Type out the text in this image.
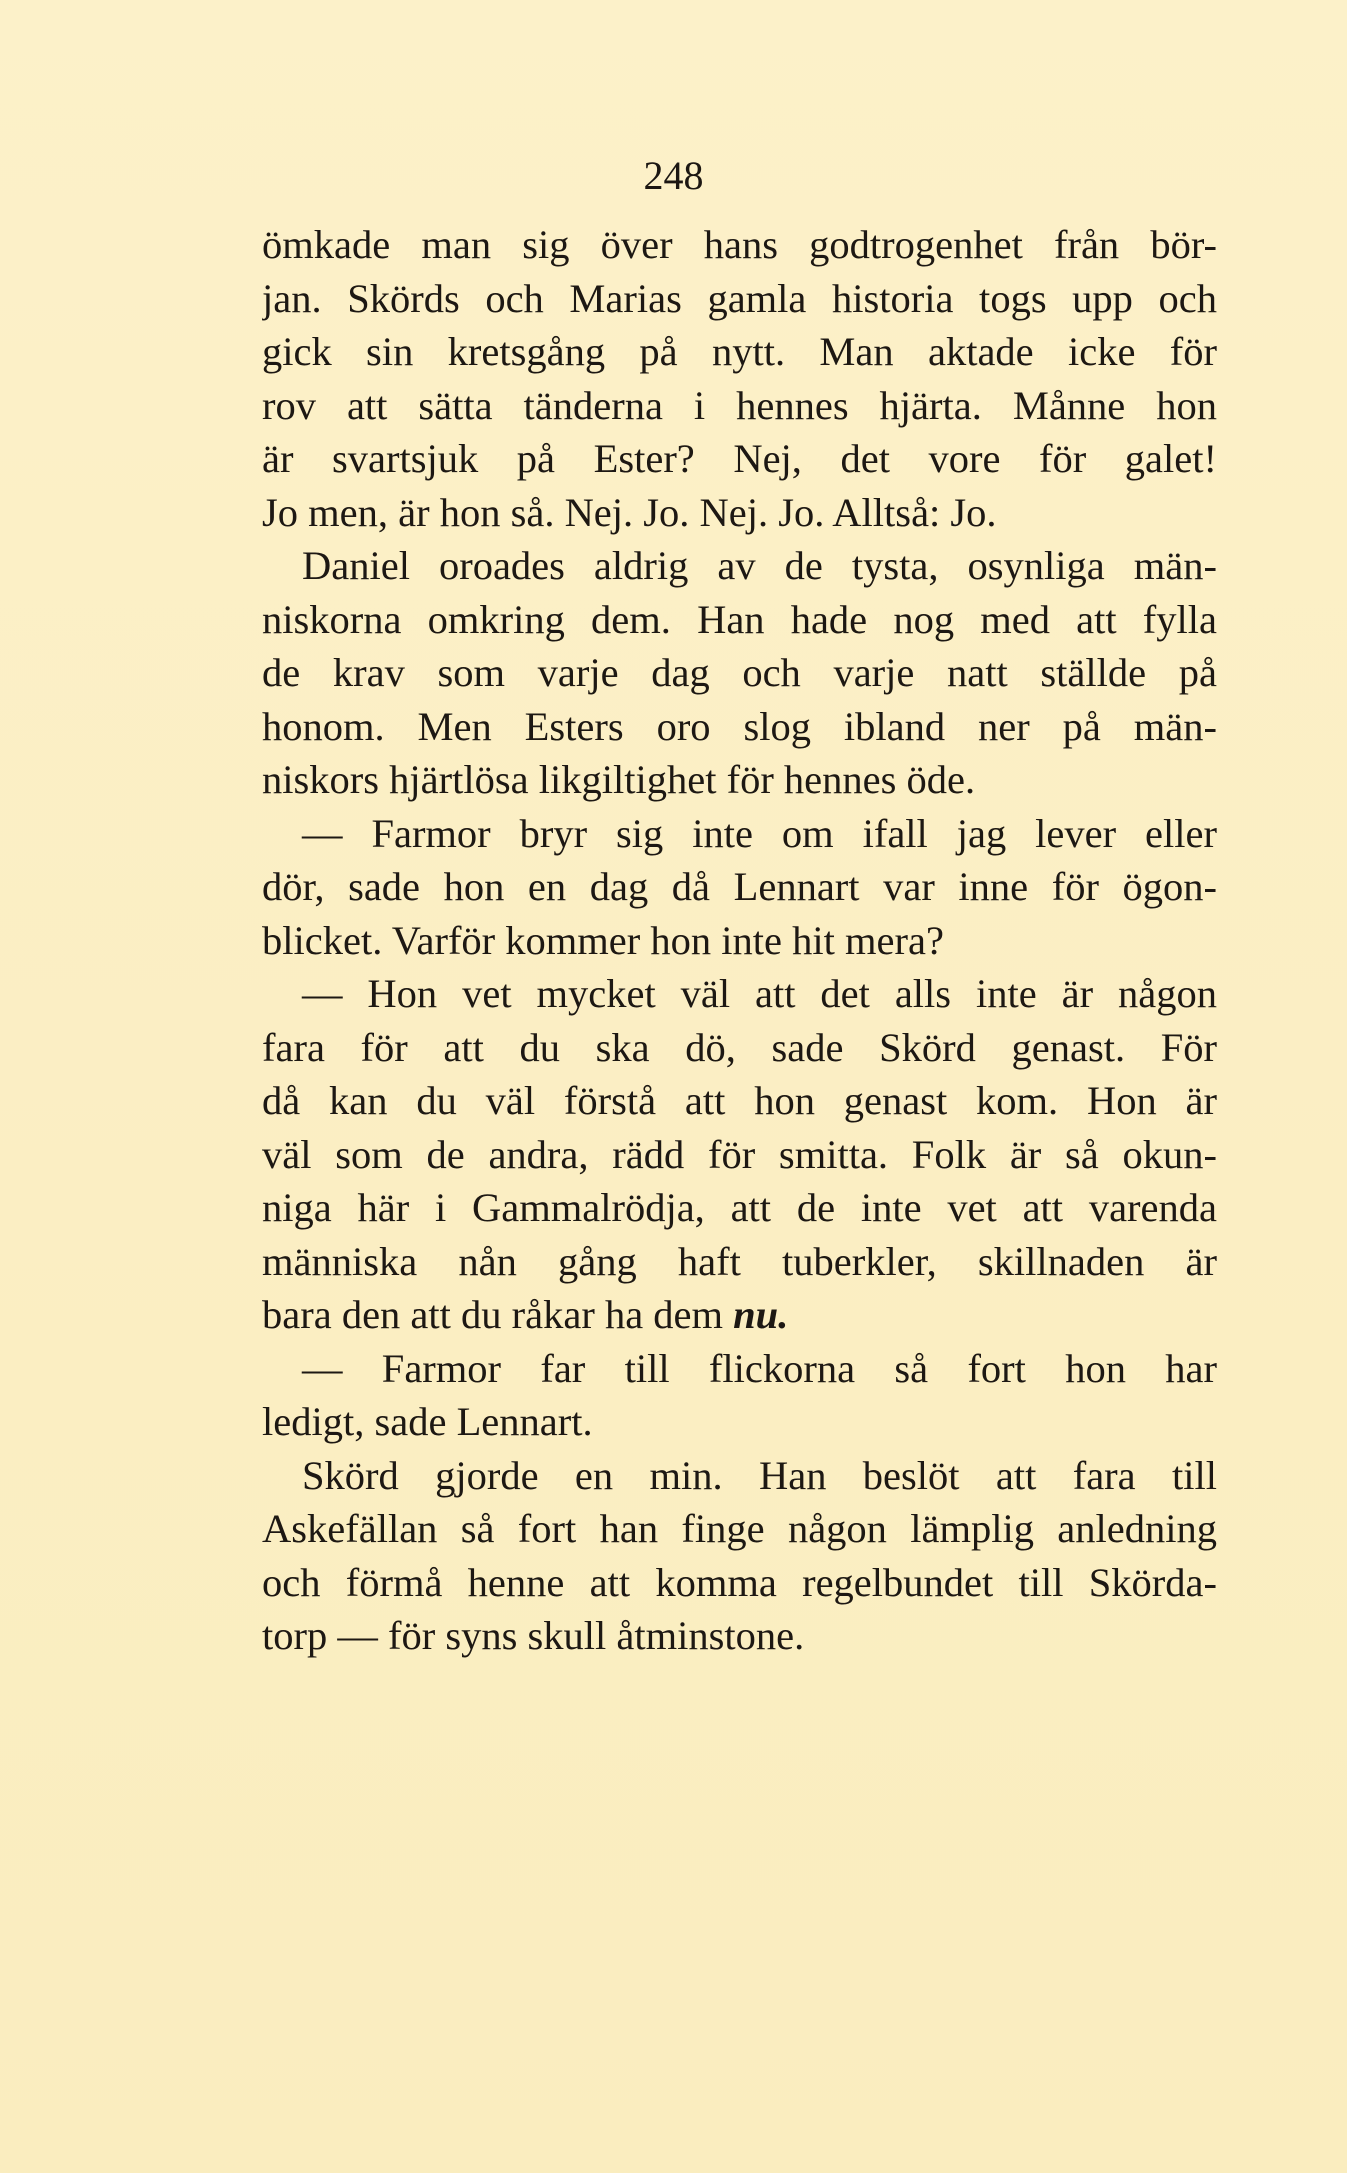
248

ömkade man sig över hans godtrogenhet från bör-
jan. Skörds och Marias gamla historia togs upp och
gick sin kretsgång på nytt. Man aktade icke för
rov att sätta tänderna i hennes hjärta. Månne hon
är svartsjuk på Ester? Nej, det vore för galet!
Jo men, är hon så. Nej. Jo. Nej. Jo. Alltså: Jo.
Daniel oroades aldrig av de tysta, osynliga män-
niskorna omkring dem. Han hade nog med att fylla
de krav som varje dag och varje natt ställde på
honom. Men Esters oro slog ibland ner på män-
niskors hjärtlösa likgiltighet för hennes öde.
— Farmor bryr sig inte om ifall jag lever eller
dör, sade hon en dag då Lennart var inne för ögon-
blicket. Varför kommer hon inte hit mera?
— Hon vet mycket väl att det alls inte är någon
fara för att du ska dö, sade Skörd genast. För
då kan du väl förstå att hon genast kom. Hon är
väl som de andra, rädd för smitta. Folk är så okun-
niga här i Gammalrödja, att de inte vet att varenda
människa nån gång haft tuberkler, skillnaden är
bara den att du råkar ha dem nu.
— Farmor far till flickorna så fort hon har
ledigt, sade Lennart.
Skörd gjorde en min. Han beslöt att fara till
Askefällan så fort han finge någon lämplig anledning
och förmå henne att komma regelbundet till Skörda-
torp — för syns skull åtminstone.
